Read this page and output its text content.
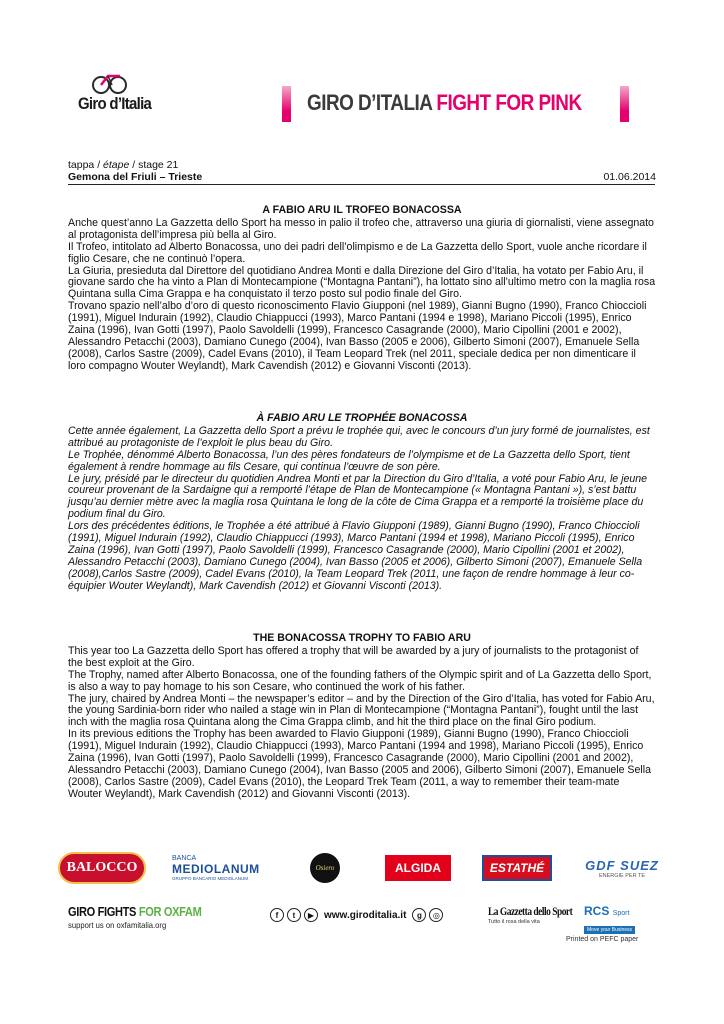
Giro d’Italia	GIRO D’ITALIA FIGHT FOR PINK
tappa / étape / stage 21
Gemona del Friuli – Trieste	01.06.2014
A FABIO ARU IL TROFEO BONACOSSA

Anche quest’anno La Gazzetta dello Sport ha messo in palio il trofeo che, attraverso una giuria di giornalisti, viene assegnato al protagonista dell’impresa più bella al Giro.

Il Trofeo, intitolato ad Alberto Bonacossa, uno dei padri dell’olimpismo e de La Gazzetta dello Sport, vuole anche ricordare il figlio Cesare, che ne continuò l’opera.

La Giuria, presieduta dal Direttore del quotidiano Andrea Monti e dalla Direzione del Giro d’Italia, ha votato per Fabio Aru, il giovane sardo che ha vinto a Plan di Montecampione (“Montagna Pantani”), ha lottato sino all’ultimo metro con la maglia rosa Quintana sulla Cima Grappa e ha conquistato il terzo posto sul podio finale del Giro.

Trovano spazio nell’albo d’oro di questo riconoscimento Flavio Giupponi (nel 1989), Gianni Bugno (1990), Franco Chioccioli (1991), Miguel Indurain (1992), Claudio Chiappucci (1993), Marco Pantani (1994 e 1998), Mariano Piccoli (1995), Enrico Zaina (1996), Ivan Gotti (1997), Paolo Savoldelli (1999), Francesco Casagrande (2000), Mario Cipollini (2001 e 2002), Alessandro Petacchi (2003), Damiano Cunego (2004), Ivan Basso (2005 e 2006), Gilberto Simoni (2007), Emanuele Sella (2008), Carlos Sastre (2009), Cadel Evans (2010), il Team Leopard Trek (nel 2011, speciale dedica per non dimenticare il loro compagno Wouter Weylandt), Mark Cavendish (2012) e Giovanni Visconti (2013).

À FABIO ARU LE TROPHÉE BONACOSSA

Cette année également, La Gazzetta dello Sport a prévu le trophée qui, avec le concours d’un jury formé de journalistes, est attribué au protagoniste de l’exploit le plus beau du Giro.

Le Trophée, dénommé Alberto Bonacossa, l’un des pères fondateurs de l’olympisme et de La Gazzetta dello Sport, tient également à rendre hommage au fils Cesare, qui continua l’œuvre de son père.

Le jury, présidé par le directeur du quotidien Andrea Monti et par la Direction du Giro d’Italia, a voté pour Fabio Aru, le jeune coureur provenant de la Sardaigne qui a remporté l’étape de Plan de Montecampione (« Montagna Pantani »), s’est battu jusqu’au dernier mètre avec la maglia rosa Quintana le long de la côte de Cima Grappa et a remporté la troisième place du podium final du Giro.

Lors des précédentes éditions, le Trophée a été attribué à Flavio Giupponi (1989), Gianni Bugno (1990), Franco Chioccioli (1991), Miguel Indurain (1992), Claudio Chiappucci (1993), Marco Pantani (1994 et 1998), Mariano Piccoli (1995), Enrico Zaina (1996), Ivan Gotti (1997), Paolo Savoldelli (1999), Francesco Casagrande (2000), Mario Cipollini (2001 et 2002), Alessandro Petacchi (2003), Damiano Cunego (2004), Ivan Basso (2005 et 2006), Gilberto Simoni (2007), Emanuele Sella (2008),Carlos Sastre (2009), Cadel Evans (2010), la Team Leopard Trek (2011, une façon de rendre hommage à leur co-équipier Wouter Weylandt), Mark Cavendish (2012) et Giovanni Visconti (2013).

THE BONACOSSA TROPHY TO FABIO ARU

This year too La Gazzetta dello Sport has offered a trophy that will be awarded by a jury of journalists to the protagonist of the best exploit at the Giro.

The Trophy, named after Alberto Bonacossa, one of the founding fathers of the Olympic spirit and of La Gazzetta dello Sport, is also a way to pay homage to his son Cesare, who continued the work of his father.

The jury, chaired by Andrea Monti – the newspaper’s editor – and by the Direction of the Giro d’Italia, has voted for Fabio Aru, the young Sardinia-born rider who nailed a stage win in Plan di Montecampione (“Montagna Pantani”), fought until the last inch with the maglia rosa Quintana along the Cima Grappa climb, and hit the third place on the final Giro podium.

In its previous editions the Trophy has been awarded to Flavio Giupponi (1989), Gianni Bugno (1990), Franco Chioccioli (1991), Miguel Indurain (1992), Claudio Chiappucci (1993), Marco Pantani (1994 and 1998), Mariano Piccoli (1995), Enrico Zaina (1996), Ivan Gotti (1997), Paolo Savoldelli (1999), Francesco Casagrande (2000), Mario Cipollini (2001 and 2002), Alessandro Petacchi (2003), Damiano Cunego (2004), Ivan Basso (2005 and 2006), Gilberto Simoni (2007), Emanuele Sella (2008), Carlos Sastre (2009), Cadel Evans (2010), the Leopard Trek Team (2011, a way to remember their team-mate Wouter Weylandt), Mark Cavendish (2012) and Giovanni Visconti (2013).

BALOCCO
BANCA
MEDIOLANUM
GRUPPO BANCARIO MEDIOLANUM
Osiero	ALGIDA	ESTATHÉ	GDF SUEZ
ENERGIE PER TE
GIRO FIGHTS FOR OXFAM
support us on oxfamitalia.org
f	t	▶ www.giroditalia.it	g	◎	La Gazzetta dello Sport
Tutto il rosa della vita
RCS Sport
Move your Business
Printed on PEFC paper
